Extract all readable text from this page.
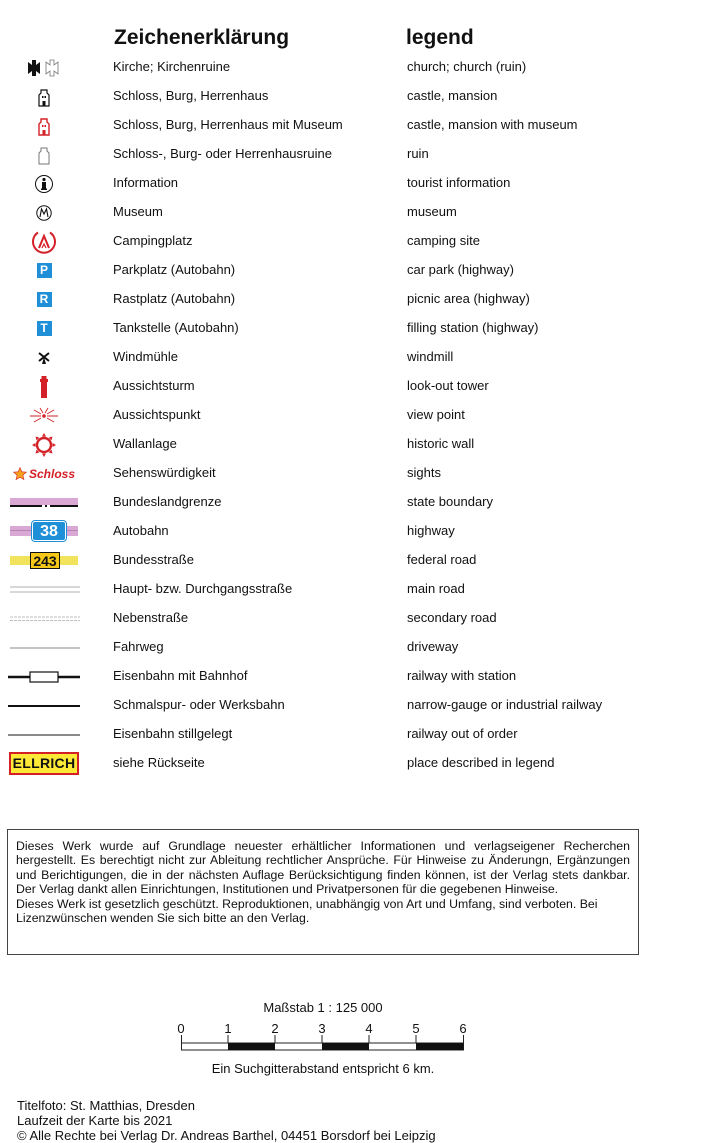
Zeichenerklärung	legend
Kirche; Kirchenruine	church; church (ruin)
Schloss, Burg, Herrenhaus	castle, mansion
Schloss, Burg, Herrenhaus mit Museum	castle, mansion with museum
Schloss-, Burg- oder Herrenhausruine	ruin
Information	tourist information
Museum	museum
Campingplatz	camping site
P	Parkplatz (Autobahn)	car park (highway)
R	Rastplatz (Autobahn)	picnic area (highway)
T	Tankstelle (Autobahn)	filling station (highway)
Windmühle	windmill
Aussichtsturm	look-out tower
Aussichtspunkt	view point
Wallanlage	historic wall
Schloss	Sehenswürdigkeit	sights
Bundeslandgrenze	state boundary
38	Autobahn	highway
243	Bundesstraße	federal road
Haupt- bzw. Durchgangsstraße	main road
Nebenstraße	secondary road
Fahrweg	driveway
Eisenbahn mit Bahnhof	railway with station
Schmalspur- oder Werksbahn	narrow-gauge or industrial railway
Eisenbahn stillgelegt	railway out of order
ELLRICH	siehe Rückseite	place described in legend

Dieses Werk wurde auf Grundlage neuester erhältlicher Informationen und verlagseigener Recherchen hergestellt. Es berechtigt nicht zur Ableitung rechtlicher Ansprüche. Für Hinweise zu Änderungn, Ergänzungen und Berichtigungen, die in der nächsten Auflage Berücksichtigung finden können, ist der Verlag stets dankbar. Der Verlag dankt allen Einrichtungen, Institutionen und Privatpersonen für die gegebenen Hinweise.

Dieses Werk ist gesetzlich geschützt. Reproduktionen, unabhängig von Art und Umfang, sind verboten. Bei Lizenzwünschen wenden Sie sich bitte an den Verlag.

Maßstab 1 : 125 000
0	1	2	3	4	5	6
Ein Suchgitterabstand entspricht 6 km.
Titelfoto: St. Matthias, Dresden
Laufzeit der Karte bis 2021
© Alle Rechte bei Verlag Dr. Andreas Barthel, 04451 Borsdorf bei Leipzig
